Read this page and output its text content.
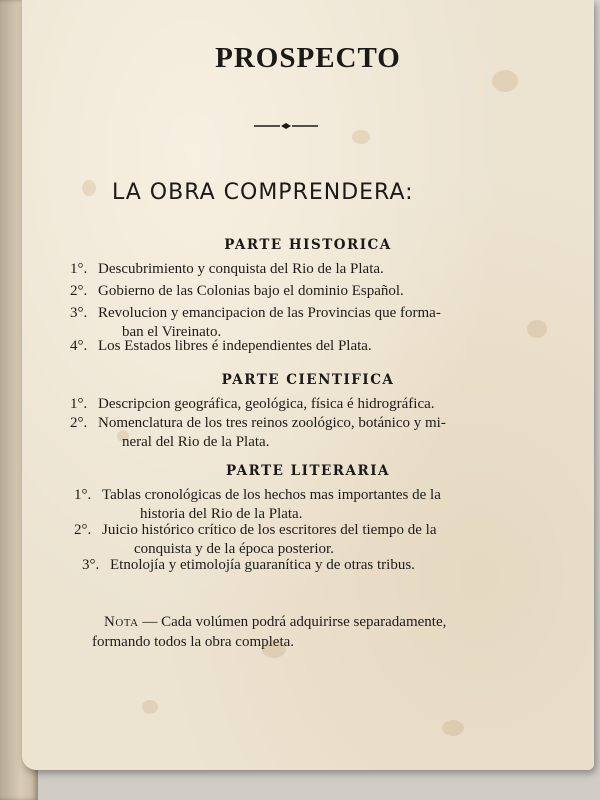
PROSPECTO
LA OBRA COMPRENDERA:
PARTE HISTORICA
1°. Descubrimiento y conquista del Rio de la Plata.
2°. Gobierno de las Colonias bajo el dominio Español.
3°. Revolucion y emancipacion de las Provincias que forma-
ban el Vireinato.
4°. Los Estados libres é independientes del Plata.
PARTE CIENTIFICA
1°. Descripcion geográfica, geológica, física é hidrográfica.
2°. Nomenclatura de los tres reinos zoológico, botánico y mi-
neral del Rio de la Plata.
PARTE LITERARIA
1°. Tablas cronológicas de los hechos mas importantes de la
historia del Rio de la Plata.
2°. Juicio histórico crítico de los escritores del tiempo de la
conquista y de la época posterior.
3°. Etnolojía y etimolojía guaraníticа y de otras tribus.
Nota — Cada volúmen podrá adquirirse separadamente, formando todos la obra completa.
